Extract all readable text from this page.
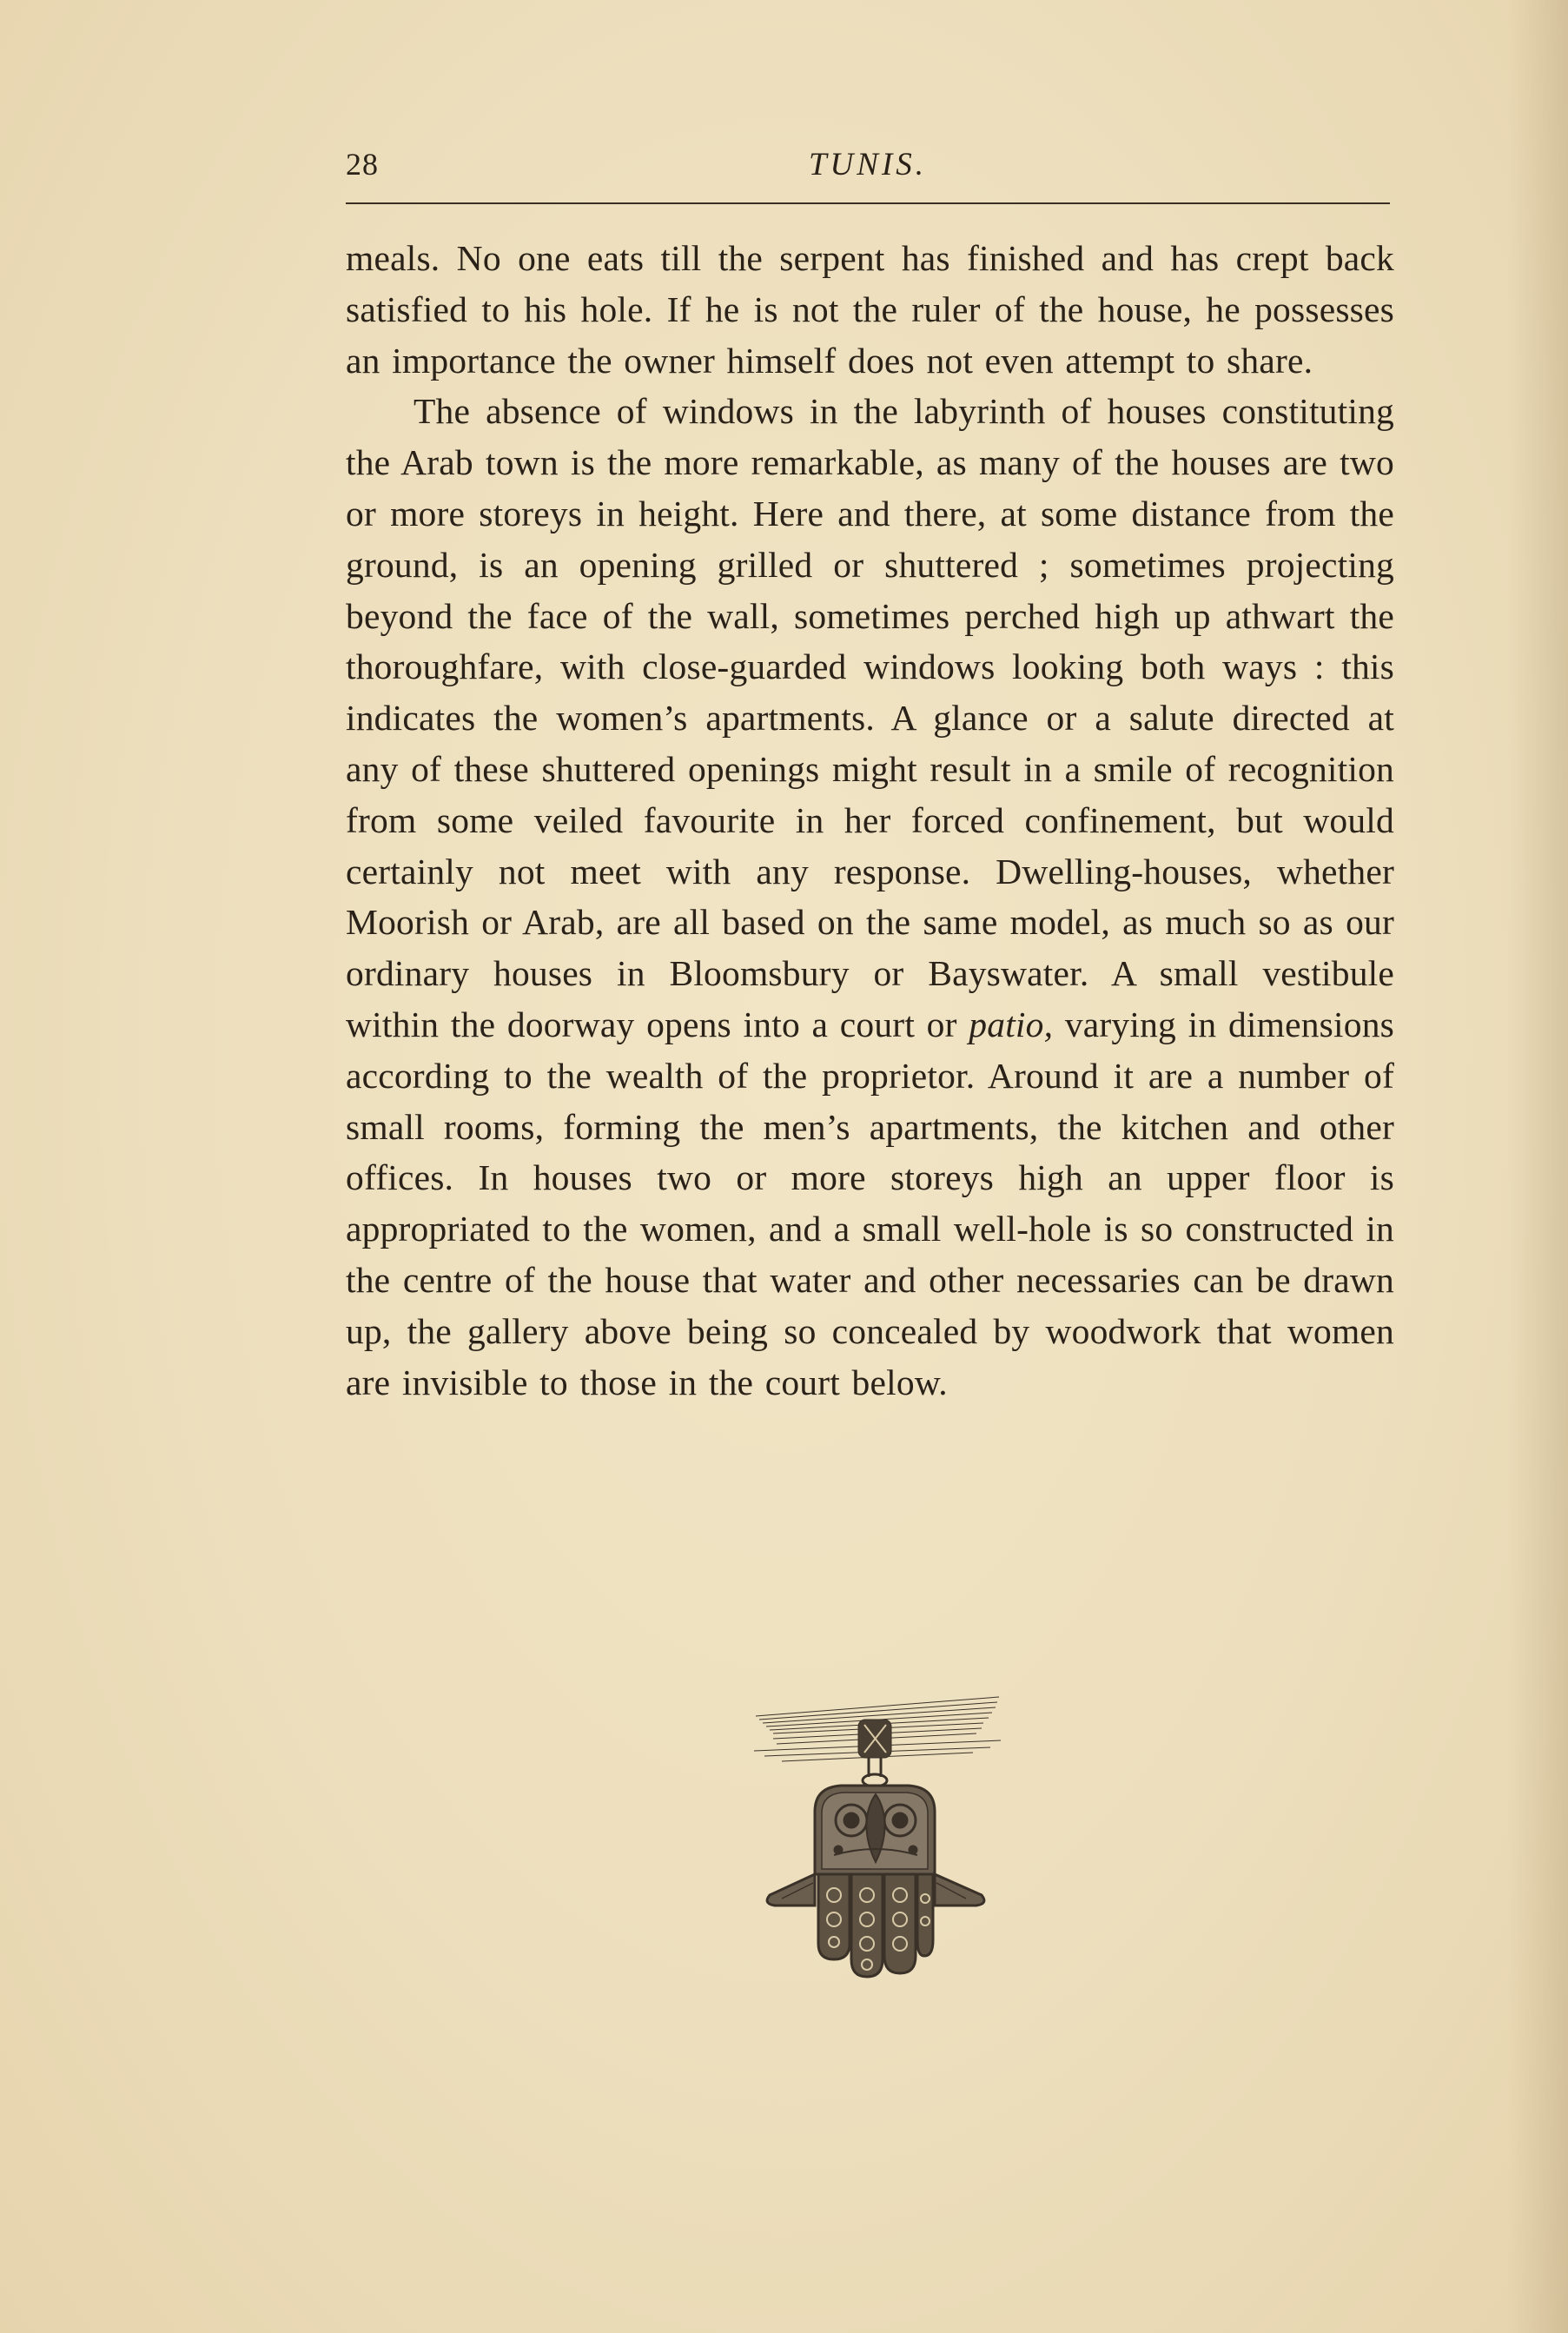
28	TUNIS.

meals. No one eats till the serpent has finished and has crept back satisfied to his hole. If he is not the ruler of the house, he possesses an importance the owner himself does not even attempt to share.

The absence of windows in the labyrinth of houses constituting the Arab town is the more remarkable, as many of the houses are two or more storeys in height. Here and there, at some distance from the ground, is an opening grilled or shuttered ; sometimes projecting beyond the face of the wall, sometimes perched high up athwart the thoroughfare, with close-guarded windows looking both ways : this indicates the women’s apartments. A glance or a salute directed at any of these shuttered openings might result in a smile of recognition from some veiled favourite in her forced confinement, but would certainly not meet with any response. Dwelling-houses, whether Moorish or Arab, are all based on the same model, as much so as our ordinary houses in Bloomsbury or Bayswater. A small vestibule within the doorway opens into a court or patio, varying in dimensions according to the wealth of the proprietor. Around it are a number of small rooms, forming the men’s apartments, the kitchen and other offices. In houses two or more storeys high an upper floor is appropriated to the women, and a small well-hole is so constructed in the centre of the house that water and other necessaries can be drawn up, the gallery above being so concealed by woodwork that women are invisible to those in the court below.
